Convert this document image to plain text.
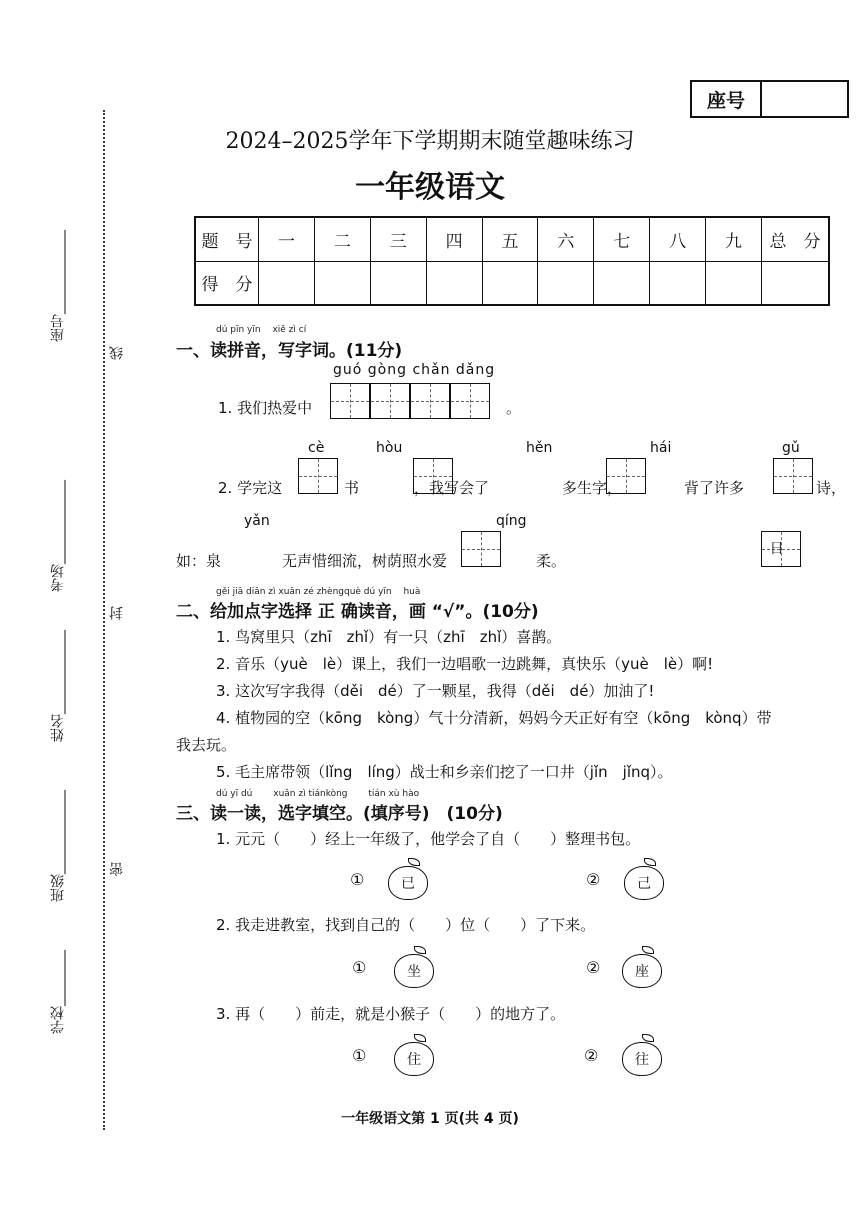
学校________
班级____________
姓名____________
考场____________
座号____________
密
封
线
座号
2024–2025学年下学期期末随堂趣味练习
一年级语文
题　号	一	二	三	四	五	六	七	八	九	总　分
得　分										
dú pīn yīn　 xiě zì cí
一、读拼音，写字词。(11分)
guó gòng chǎn dǎng
1. 我们热爱中	。
cè	hòu	hěn	hái	gǔ
2. 学完这
	书
	，我写会了
	多生字，
	背了许多
	诗，
yǎn	qíng
如：泉
	无声惜细流，树荫照水爱
日
柔。
gěi jiā diǎn zì xuǎn zé zhèngquè dú yīn　 huà
二、给加点字选择 正 确读音，画 “√”。(10分)
1. 鸟窝里只（zhī　zhǐ）有一只（zhī　zhǐ）喜鹊。
2. 音乐（yuè　lè）课上，我们一边唱歌一边跳舞，真快乐（yuè　lè）啊!
3. 这次写字我得（děi　dé）了一颗星，我得（děi　dé）加油了!
4. 植物园的空（kōng　kòng）气十分清新，妈妈今天正好有空（kōng　kònq）带
我去玩。
5. 毛主席带领（lǐng　líng）战士和乡亲们挖了一口井（jǐn　jǐnq）。
dú yī dú　　 xuǎn zì tiánkòng　　 tián xù hào
三、读一读，选字填空。(填序号)　(10分)
1. 元元（　　）经上一年级了，他学会了自（　　）整理书包。
①	已	②	己
2. 我走进教室，找到自己的（　　）位（　　）了下来。
①	坐	②	座
3. 再（　　）前走，就是小猴子（　　）的地方了。
①	住	②	往
一年级语文第 1 页(共 4 页)
